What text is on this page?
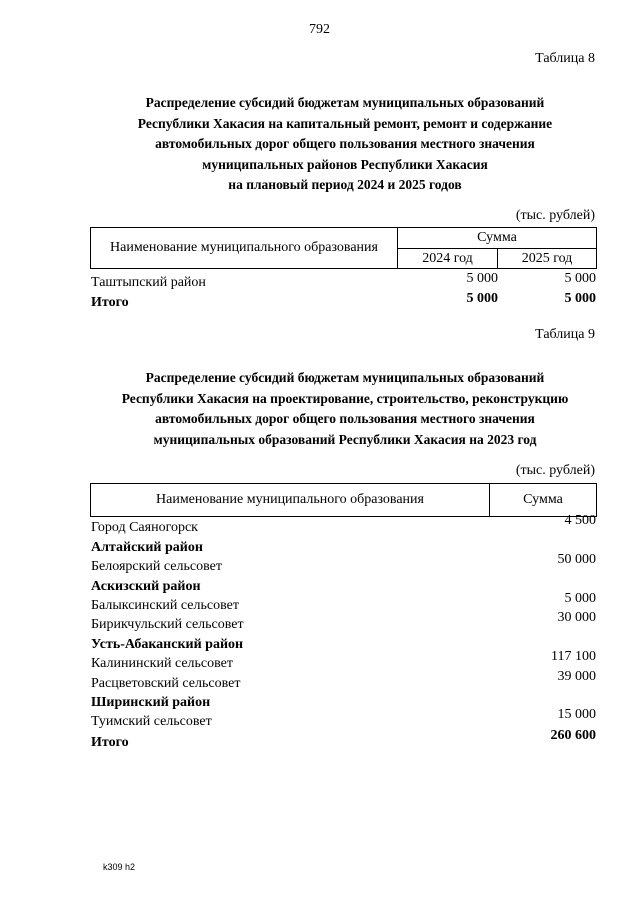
792
Таблица 8
Распределение субсидий бюджетам муниципальных образований
Республики Хакасия на капитальный ремонт, ремонт и содержание
автомобильных дорог общего пользования местного значения
муниципальных районов Республики Хакасия
на плановый период 2024 и 2025 годов
(тыс. рублей)
Наименование муниципального образования	Сумма	
	2024 год	2025 год
Таштыпский район	5 000	5 000
Итого	5 000	5 000
Таблица 9
Распределение субсидий бюджетам муниципальных образований
Республики Хакасия на проектирование, строительство, реконструкцию
автомобильных дорог общего пользования местного значения
муниципальных образований Республики Хакасия на 2023 год
(тыс. рублей)
Наименование муниципального образования	Сумма
Город Саяногорск	4 500
Алтайский район
Белоярский сельсовет	50 000
Аскизский район
Балыксинский сельсовет	5 000
Бирикчульский сельсовет	30 000
Усть-Абаканский район
Калининский сельсовет	117 100
Расцветовский сельсовет	39 000
Ширинский район
Туимский сельсовет	15 000
Итого	260 600
k309 h2
